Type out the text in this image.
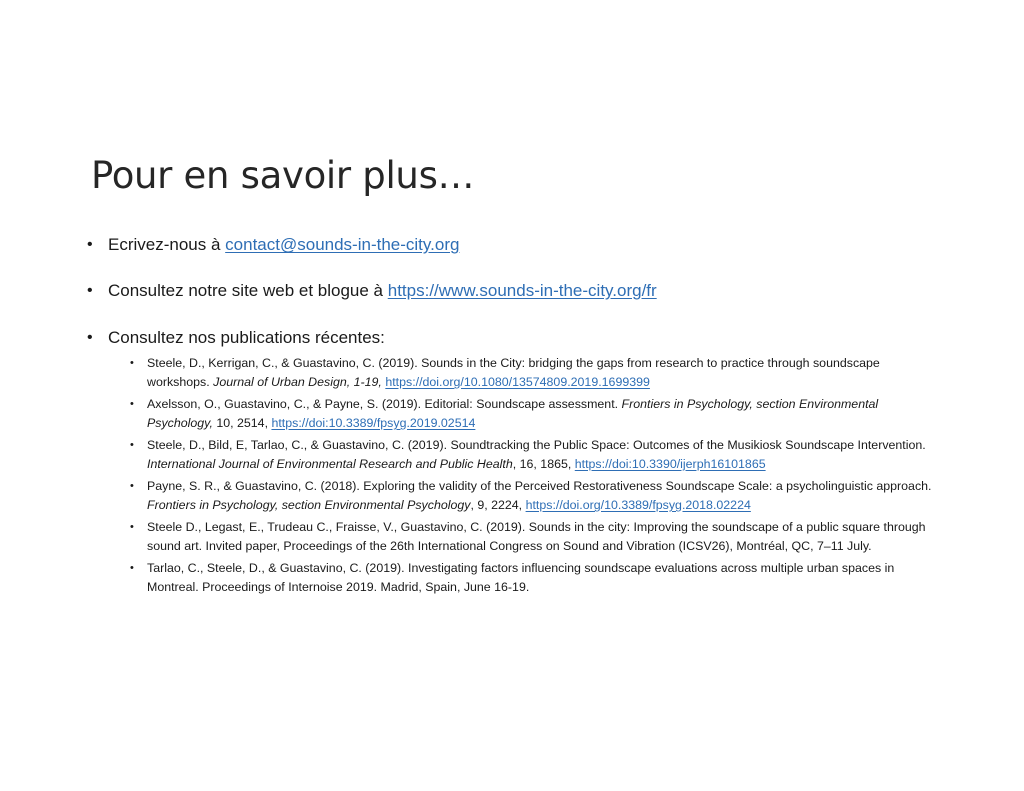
Pour en savoir plus…
• Ecrivez-nous à contact@sounds-in-the-city.org
• Consultez notre site web et blogue à https://www.sounds-in-the-city.org/fr
• Consultez nos publications récentes:
• Steele, D., Kerrigan, C., & Guastavino, C. (2019). Sounds in the City: bridging the gaps from research to practice through soundscape workshops. Journal of Urban Design, 1-19, https://doi.org/10.1080/13574809.2019.1699399
• Axelsson, O., Guastavino, C., & Payne, S. (2019). Editorial: Soundscape assessment. Frontiers in Psychology, section Environmental Psychology, 10, 2514, https://doi:10.3389/fpsyg.2019.02514
• Steele, D., Bild, E, Tarlao, C., & Guastavino, C. (2019). Soundtracking the Public Space: Outcomes of the Musikiosk Soundscape Intervention. International Journal of Environmental Research and Public Health, 16, 1865, https://doi:10.3390/ijerph16101865
• Payne, S. R., & Guastavino, C. (2018). Exploring the validity of the Perceived Restorativeness Soundscape Scale: a psycholinguistic approach. Frontiers in Psychology, section Environmental Psychology, 9, 2224, https://doi.org/10.3389/fpsyg.2018.02224
• Steele D., Legast, E., Trudeau C., Fraisse, V., Guastavino, C. (2019). Sounds in the city: Improving the soundscape of a public square through sound art. Invited paper, Proceedings of the 26th International Congress on Sound and Vibration (ICSV26), Montréal, QC, 7–11 July.
• Tarlao, C., Steele, D., & Guastavino, C. (2019). Investigating factors influencing soundscape evaluations across multiple urban spaces in Montreal. Proceedings of Internoise 2019. Madrid, Spain, June 16-19.
